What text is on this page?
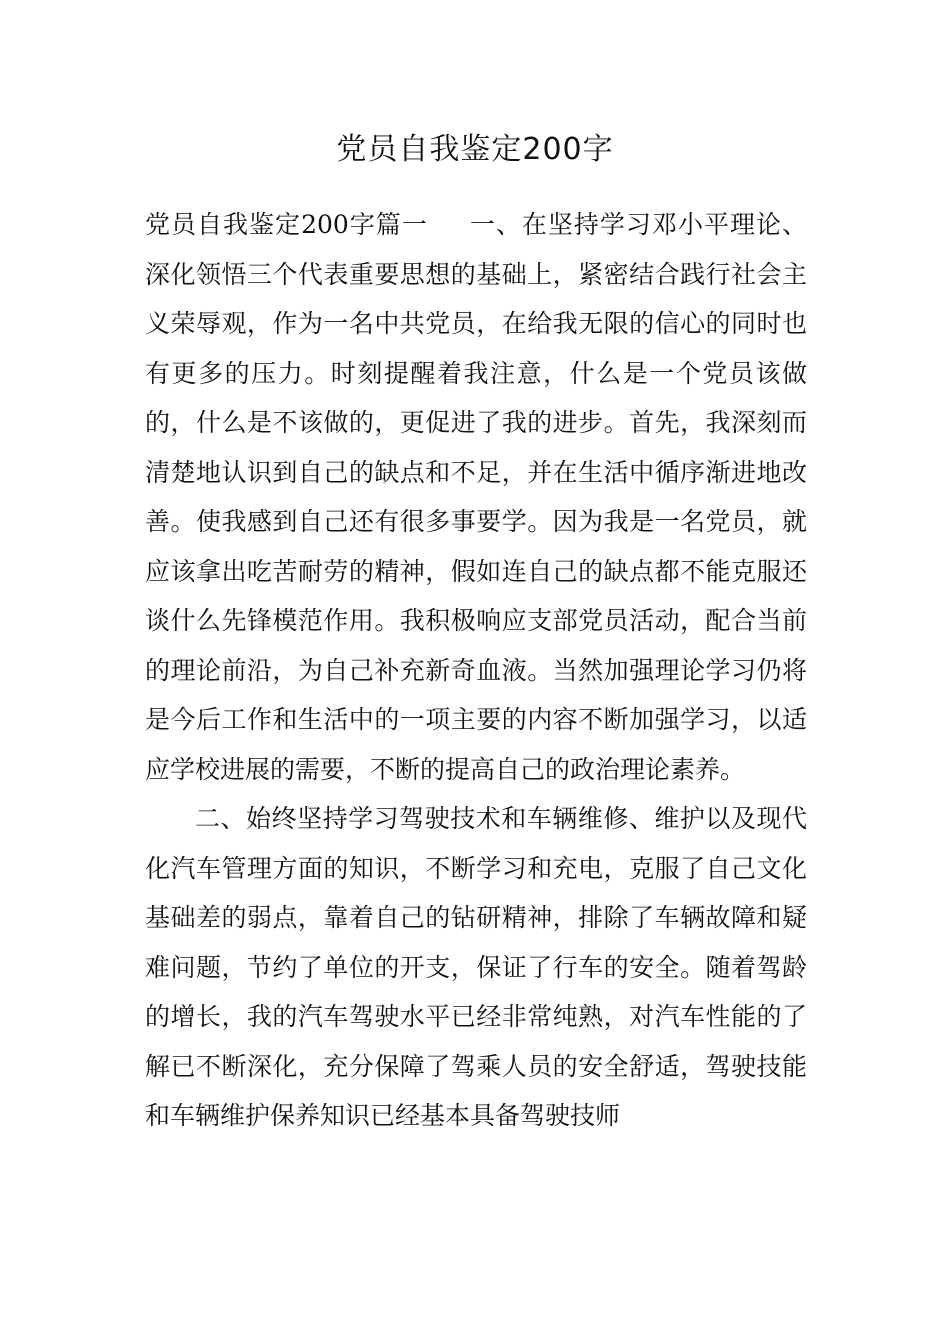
党员自我鉴定200字

党员自我鉴定200字篇一 一、在坚持学习邓小平理论、深化领悟三个代表重要思想的基础上，紧密结合践行社会主义荣辱观，作为一名中共党员，在给我无限的信心的同时也有更多的压力。时刻提醒着我注意，什么是一个党员该做的，什么是不该做的，更促进了我的进步。首先，我深刻而清楚地认识到自己的缺点和不足，并在生活中循序渐进地改善。使我感到自己还有很多事要学。因为我是一名党员，就应该拿出吃苦耐劳的精神，假如连自己的缺点都不能克服还谈什么先锋模范作用。我积极响应支部党员活动，配合当前的理论前沿，为自己补充新奇血液。当然加强理论学习仍将是今后工作和生活中的一项主要的内容不断加强学习，以适应学校进展的需要，不断的提高自己的政治理论素养。

二、始终坚持学习驾驶技术和车辆维修、维护以及现代化汽车管理方面的知识，不断学习和充电，克服了自己文化基础差的弱点，靠着自己的钻研精神，排除了车辆故障和疑难问题，节约了单位的开支，保证了行车的安全。随着驾龄的增长，我的汽车驾驶水平已经非常纯熟，对汽车性能的了解已不断深化，充分保障了驾乘人员的安全舒适，驾驶技能和车辆维护保养知识已经基本具备驾驶技师
